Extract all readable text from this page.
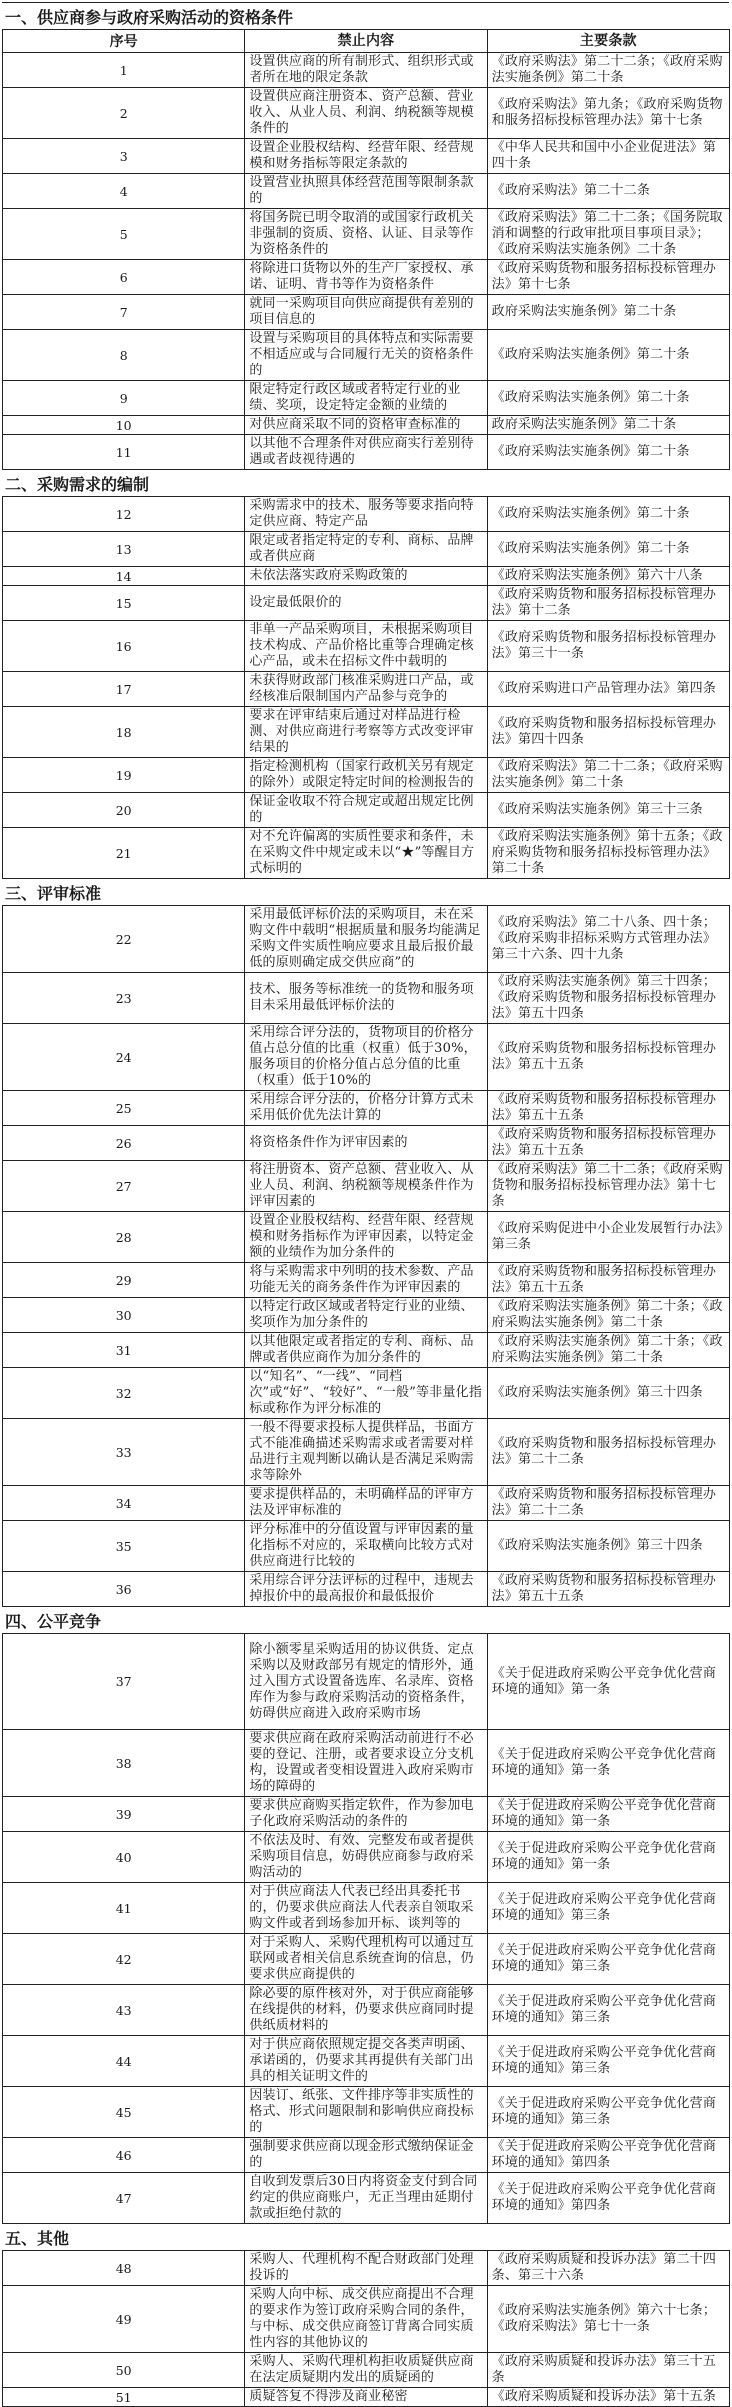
一、供应商参与政府采购活动的资格条件		
序号	禁止内容	主要条款
1	设置供应商的所有制形式、组织形式或者所在地的限定条款	《政府采购法》第二十二条；《政府采购法实施条例》第二十条
2	设置供应商注册资本、资产总额、营业收入、从业人员、利润、纳税额等规模条件的	《政府采购法》第九条；《政府采购货物和服务招标投标管理办法》第十七条
3	设置企业股权结构、经营年限、经营规模和财务指标等限定条款的	《中华人民共和国中小企业促进法》第四十条
4	设置营业执照具体经营范围等限制条款的	《政府采购法》第二十二条
5	将国务院已明令取消的或国家行政机关非强制的资质、资格、认证、目录等作为资格条件的	《政府采购法》第二十二条；《国务院取消和调整的行政审批项目事项目录》；《政府采购法实施条例》二十条
6	将除进口货物以外的生产厂家授权、承诺、证明、背书等作为资格条件	《政府采购货物和服务招标投标管理办法》第十七条
7	就同一采购项目向供应商提供有差别的项目信息的	政府采购法实施条例》第二十条
8	设置与采购项目的具体特点和实际需要不相适应或与合同履行无关的资格条件的	《政府采购法实施条例》第二十条
9	限定特定行政区域或者特定行业的业绩、奖项，设定特定金额的业绩的	《政府采购法实施条例》第二十条
10	对供应商采取不同的资格审查标准的	政府采购法实施条例》第二十条
11	以其他不合理条件对供应商实行差别待遇或者歧视待遇的	《政府采购法实施条例》第二十条
二、采购需求的编制		
12	采购需求中的技术、服务等要求指向特定供应商、特定产品	《政府采购法实施条例》第二十条
13	限定或者指定特定的专利、商标、品牌或者供应商	《政府采购法实施条例》第二十条
14	未依法落实政府采购政策的	《政府采购法实施条例》第六十八条
15	设定最低限价的	《政府采购货物和服务招标投标管理办法》第十二条
16	非单一产品采购项目，未根据采购项目技术构成、产品价格比重等合理确定核心产品，或未在招标文件中载明的	《政府采购货物和服务招标投标管理办法》第三十一条
17	未获得财政部门核准采购进口产品，或经核准后限制国内产品参与竞争的	《政府采购进口产品管理办法》第四条
18	要求在评审结束后通过对样品进行检测、对供应商进行考察等方式改变评审结果的	《政府采购货物和服务招标投标管理办法》第四十四条
19	指定检测机构（国家行政机关另有规定的除外）或限定特定时间的检测报告的	《政府采购法》第二十二条；《政府采购法实施条例》第二十条
20	保证金收取不符合规定或超出规定比例的	《政府采购法实施条例》第三十三条
21	对不允许偏离的实质性要求和条件，未在采购文件中规定或未以“★”等醒目方式标明的	《政府采购法实施条例》第十五条；《政府采购货物和服务招标投标管理办法》第二十条
三、评审标准		
22	采用最低评标价法的采购项目，未在采购文件中载明“根据质量和服务均能满足采购文件实质性响应要求且最后报价最低的原则确定成交供应商”的	《政府采购法》第二十八条、四十条；《政府采购非招标采购方式管理办法》第三十六条、四十九条
23	技术、服务等标准统一的货物和服务项目未采用最低评标价法的	《政府采购法实施条例》第三十四条；《政府采购货物和服务招标投标管理办法》第五十四条
24	采用综合评分法的，货物项目的价格分值占总分值的比重（权重）低于30%，服务项目的价格分值占总分值的比重（权重）低于10%的	《政府采购货物和服务招标投标管理办法》第五十五条
25	采用综合评分法的，价格分计算方式未采用低价优先法计算的	《政府采购货物和服务招标投标管理办法》第五十五条
26	将资格条件作为评审因素的	《政府采购货物和服务招标投标管理办法》第五十五条
27	将注册资本、资产总额、营业收入、从业人员、利润、纳税额等规模条件作为评审因素的	《政府采购法》第二十二条；《政府采购货物和服务招标投标管理办法》第十七条
28	设置企业股权结构、经营年限、经营规模和财务指标作为评审因素，以特定金额的业绩作为加分条件的	《政府采购促进中小企业发展暂行办法》第三条
29	将与采购需求中列明的技术参数、产品功能无关的商务条件作为评审因素的	《政府采购货物和服务招标投标管理办法》第五十五条
30	以特定行政区域或者特定行业的业绩、奖项作为加分条件的	《政府采购法实施条例》第二十条；《政府采购法实施条例》第二十条
31	以其他限定或者指定的专利、商标、品牌或者供应商作为加分条件的	《政府采购法实施条例》第二十条；《政府采购法实施条例》第二十条
32	以“知名”、“一线”、“同档次”或“好”、“较好”、“一般”等非量化指标或称作为评分标准的	《政府采购法实施条例》第三十四条
33	一般不得要求投标人提供样品，书面方式不能准确描述采购需求或者需要对样品进行主观判断以确认是否满足采购需求等除外	《政府采购货物和服务招标投标管理办法》第二十二条
34	要求提供样品的，未明确样品的评审方法及评审标准的	《政府采购货物和服务招标投标管理办法》第二十二条
35	评分标准中的分值设置与评审因素的量化指标不对应的，采取横向比较方式对供应商进行比较的	《政府采购法实施条例》第三十四条
36	采用综合评分法评标的过程中，违规去掉报价中的最高报价和最低报价	《政府采购货物和服务招标投标管理办法》第五十五条
四、公平竞争		
37	除小额零星采购适用的协议供货、定点采购以及财政部另有规定的情形外，通过入围方式设置备选库、名录库、资格库作为参与政府采购活动的资格条件，妨碍供应商进入政府采购市场	《关于促进政府采购公平竞争优化营商环境的通知》第一条
38	要求供应商在政府采购活动前进行不必要的登记、注册，或者要求设立分支机构，设置或者变相设置进入政府采购市场的障碍的	《关于促进政府采购公平竞争优化营商环境的通知》第一条
39	要求供应商购买指定软件，作为参加电子化政府采购活动的条件的	《关于促进政府采购公平竞争优化营商环境的通知》第一条
40	不依法及时、有效、完整发布或者提供采购项目信息，妨碍供应商参与政府采购活动的	《关于促进政府采购公平竞争优化营商环境的通知》第一条
41	对于供应商法人代表已经出具委托书的，仍要求供应商法人代表亲自领取采购文件或者到场参加开标、谈判等的	《关于促进政府采购公平竞争优化营商环境的通知》第三条
42	对于采购人、采购代理机构可以通过互联网或者相关信息系统查询的信息，仍要求供应商提供的	《关于促进政府采购公平竞争优化营商环境的通知》第三条
43	除必要的原件核对外，对于供应商能够在线提供的材料，仍要求供应商同时提供纸质材料的	《关于促进政府采购公平竞争优化营商环境的通知》第三条
44	对于供应商依照规定提交各类声明函、承诺函的，仍要求其再提供有关部门出具的相关证明文件的	《关于促进政府采购公平竞争优化营商环境的通知》第三条
45	因装订、纸张、文件排序等非实质性的格式、形式问题限制和影响供应商投标的	《关于促进政府采购公平竞争优化营商环境的通知》第三条
46	强制要求供应商以现金形式缴纳保证金的	《关于促进政府采购公平竞争优化营商环境的通知》第四条
47	自收到发票后30日内将资金支付到合同约定的供应商账户，无正当理由延期付款或拒绝付款的	《关于促进政府采购公平竞争优化营商环境的通知》第四条
五、其他		
48	采购人、代理机构不配合财政部门处理投诉的	《政府采购质疑和投诉办法》第二十四条、第三十六条
49	采购人向中标、成交供应商提出不合理的要求作为签订政府采购合同的条件，与中标、成交供应商签订背离合同实质性内容的其他协议的	《政府采购法实施条例》第六十七条；《政府采购法》第七十一条
50	采购人、采购代理机构拒收质疑供应商在法定质疑期内发出的质疑函的	《政府采购质疑和投诉办法》第三十五条
51	质疑答复不得涉及商业秘密	《政府采购质疑和投诉办法》第十五条
